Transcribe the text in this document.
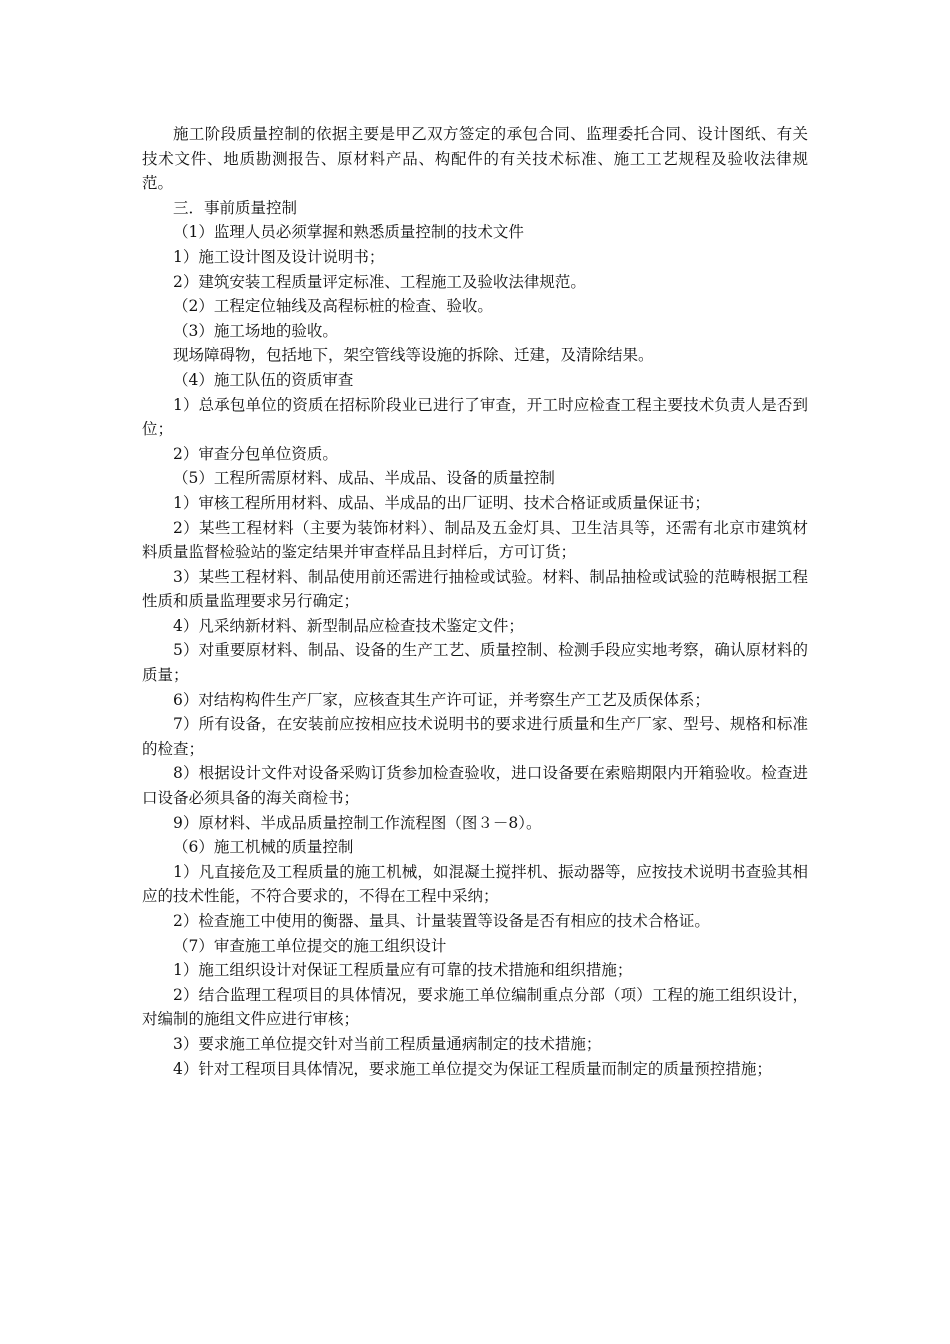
施工阶段质量控制的依据主要是甲乙双方签定的承包合同、监理委托合同、设计图纸、有关技术文件、地质勘测报告、原材料产品、构配件的有关技术标准、施工工艺规程及验收法律规范。

三．事前质量控制

（1）监理人员必须掌握和熟悉质量控制的技术文件

1）施工设计图及设计说明书；

2）建筑安装工程质量评定标准、工程施工及验收法律规范。

（2）工程定位轴线及高程标桩的检查、验收。

（3）施工场地的验收。

现场障碍物，包括地下，架空管线等设施的拆除、迁建，及清除结果。

（4）施工队伍的资质审查

1）总承包单位的资质在招标阶段业已进行了审查，开工时应检查工程主要技术负责人是否到位；

2）审查分包单位资质。

（5）工程所需原材料、成品、半成品、设备的质量控制

1）审核工程所用材料、成品、半成品的出厂证明、技术合格证或质量保证书；

2）某些工程材料（主要为装饰材料）、制品及五金灯具、卫生洁具等，还需有北京市建筑材料质量监督检验站的鉴定结果并审查样品且封样后，方可订货；

3）某些工程材料、制品使用前还需进行抽检或试验。材料、制品抽检或试验的范畴根据工程性质和质量监理要求另行确定；

4）凡采纳新材料、新型制品应检查技术鉴定文件；

5）对重要原材料、制品、设备的生产工艺、质量控制、检测手段应实地考察，确认原材料的质量；

6）对结构构件生产厂家，应核查其生产许可证，并考察生产工艺及质保体系；

7）所有设备，在安装前应按相应技术说明书的要求进行质量和生产厂家、型号、规格和标准的检查；

8）根据设计文件对设备采购订货参加检查验收，进口设备要在索赔期限内开箱验收。检查进口设备必须具备的海关商检书；

9）原材料、半成品质量控制工作流程图（图３－8）。

（6）施工机械的质量控制

1）凡直接危及工程质量的施工机械，如混凝土搅拌机、振动器等，应按技术说明书查验其相应的技术性能，不符合要求的，不得在工程中采纳；

2）检查施工中使用的衡器、量具、计量装置等设备是否有相应的技术合格证。

（7）审查施工单位提交的施工组织设计

1）施工组织设计对保证工程质量应有可靠的技术措施和组织措施；

2）结合监理工程项目的具体情况，要求施工单位编制重点分部（项）工程的施工组织设计，对编制的施组文件应进行审核；

3）要求施工单位提交针对当前工程质量通病制定的技术措施；

4）针对工程项目具体情况，要求施工单位提交为保证工程质量而制定的质量预控措施；
